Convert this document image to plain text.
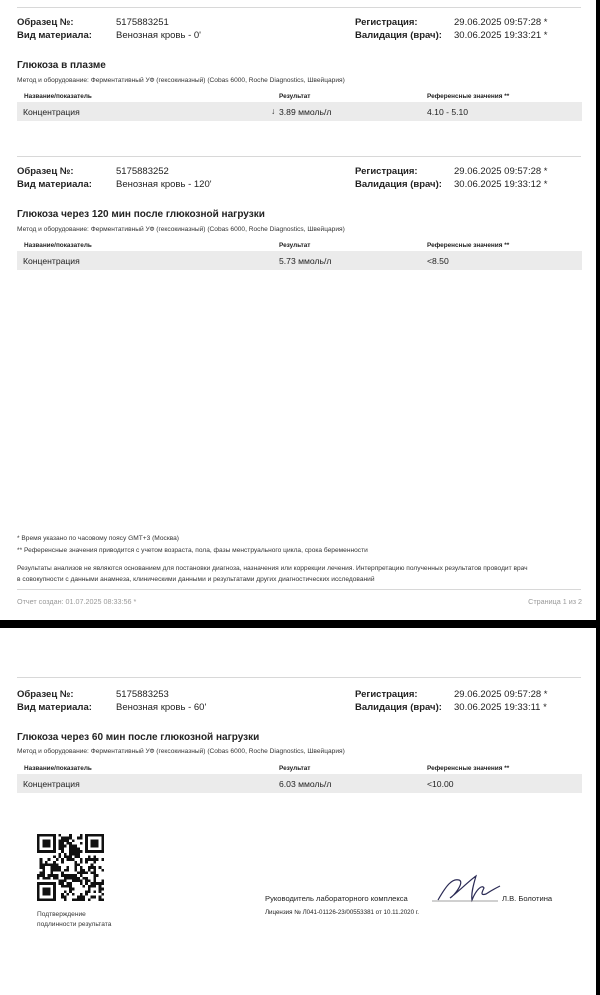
Образец №:	5175883251	Регистрация:	29.06.2025 09:57:28 *
Вид материала:	Венозная кровь - 0'	Валидация (врач): 30.06.2025 19:33:21 *
Глюкоза в плазме
Метод и оборудование: Ферментативный УФ (гексокиназный) (Cobas 6000, Roche Diagnostics, Швейцария)
Название/показатель	Результат	Референсные значения **
Концентрация	↓ 3.89 ммоль/л	4.10 - 5.10
Образец №:	5175883252	Регистрация:	29.06.2025 09:57:28 *
Вид материала:	Венозная кровь - 120'	Валидация (врач): 30.06.2025 19:33:12 *
Глюкоза через 120 мин после глюкозной нагрузки
Метод и оборудование: Ферментативный УФ (гексокиназный) (Cobas 6000, Roche Diagnostics, Швейцария)
Название/показатель	Результат	Референсные значения **
Концентрация	5.73 ммоль/л	<8.50
* Время указано по часовому поясу GMT+3 (Москва)
** Референсные значения приводится с учетом возраста, пола, фазы менструального цикла, срока беременности
Результаты анализов не являются основанием для постановки диагноза, назначения или коррекции лечения. Интерпретацию полученных результатов проводит врач
в совокупности с данными анамнеза, клиническими данными и результатами других диагностических исследований
Отчет создан: 01.07.2025 08:33:56 *	Страница 1 из 2
Образец №:	5175883253	Регистрация:	29.06.2025 09:57:28 *
Вид материала:	Венозная кровь - 60'	Валидация (врач): 30.06.2025 19:33:11 *
Глюкоза через 60 мин после глюкозной нагрузки
Метод и оборудование: Ферментативный УФ (гексокиназный) (Cobas 6000, Roche Diagnostics, Швейцария)
Название/показатель	Результат	Референсные значения **
Концентрация	6.03 ммоль/л	<10.00
Подтверждение
подлинности результата
Руководитель лабораторного комплекса	Л.В. Болотина
Лицензия № Л041-01126-23/00553381 от 10.11.2020 г.
